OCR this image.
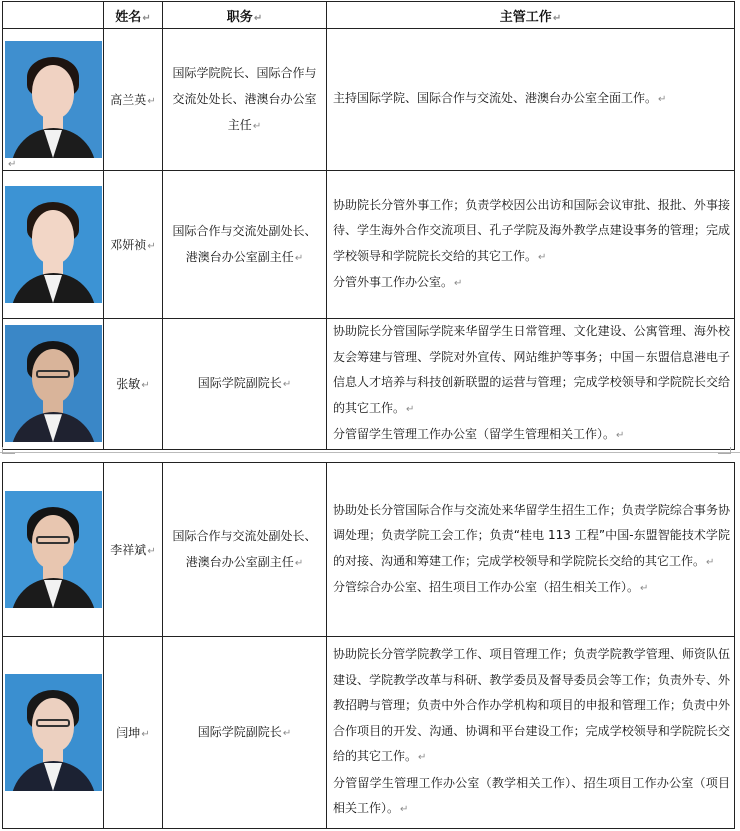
	姓名↵	职务↵	主管工作↵

↵	高兰英↵	国际学院院长、国际合作与交流处处长、港澳台办公室主任↵	主持国际学院、国际合作与交流处、港澳台办公室全面工作。↵

	邓妍祯↵	国际合作与交流处副处长、港澳台办公室副主任↵	协助院长分管外事工作；负责学校因公出访和国际会议审批、报批、外事接待、学生海外合作交流项目、孔子学院及海外教学点建设事务的管理；完成学校领导和学院院长交给的其它工作。↵

分管外事工作办公室。↵

	张敏↵	国际学院副院长↵	协助院长分管国际学院来华留学生日常管理、文化建设、公寓管理、海外校友会筹建与管理、学院对外宣传、网站维护等事务；中国－东盟信息港电子信息人才培养与科技创新联盟的运营与管理；完成学校领导和学院院长交给的其它工作。↵

分管留学生管理工作办公室（留学生管理相关工作）。↵

	李祥斌↵	国际合作与交流处副处长、港澳台办公室副主任↵	协助处长分管国际合作与交流处来华留学生招生工作；负责学院综合事务协调处理；负责学院工会工作；负责“桂电 113 工程”中国-东盟智能技术学院的对接、沟通和筹建工作；完成学校领导和学院院长交给的其它工作。↵

分管综合办公室、招生项目工作办公室（招生相关工作）。↵

	闫坤↵	国际学院副院长↵	协助院长分管学院教学工作、项目管理工作；负责学院教学管理、师资队伍建设、学院教学改革与科研、教学委员及督导委员会等工作；负责外专、外教招聘与管理；负责中外合作办学机构和项目的申报和管理工作；负责中外合作项目的开发、沟通、协调和平台建设工作；完成学校领导和学院院长交给的其它工作。↵

分管留学生管理工作办公室（教学相关工作）、招生项目工作办公室（项目相关工作）。↵
